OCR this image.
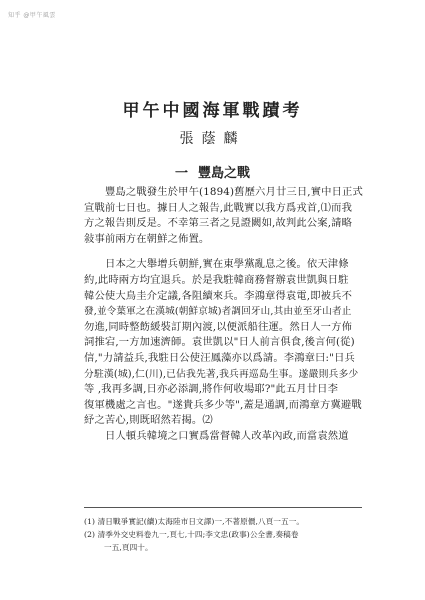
知乎 @甲午風雲
甲午中國海軍戰蹟考
張蔭麟
一 豐島之戰
豐島之戰發生於甲午(1894)舊歷六月廿三日,實中日正式
宣戰前七日也。據日人之報告,此戰實以我方爲戎首,⑴而我
方之報告則反是。不幸第三者之見證闕如,故判此公案,請略
敍事前兩方在朝鮮之佈置。
日本之大舉增兵朝鮮,實在東學黨亂息之後。依天津條
約,此時兩方均宜退兵。於是我駐韓商務督辦袁世凱與日駐
韓公使大鳥圭介定議,各阻續來兵。李鴻章得袁電,即被兵不
發,並令葉軍之在漢城(朝鮮京城)者調回牙山,其由並至牙山者止
勿進,同時整飭緩裝訂期內渡,以便派船往運。然日人一方佈
詞推宕,一方加速濟師。袁世凱以"日人前言俱食,後言何(從)
信,"力請益兵,我駐日公使汪鳳藻亦以爲請。李鴻章曰:"日兵
分駐漢(城),仁(川),已佔我先著,我兵再巡島生事。遂嚴則兵多少
等 ,我再多調,日亦必添調,將作何收場耶?"此五月廿日李
復軍機處之言也。"遂貴兵多少等",蓋是通調,而鴻章方冀避戰
紓之苦心,則既昭然若揭。⑵
日人頓兵韓境之口實爲當督韓人改革內政,而當袁然道
(1) 清日戰爭實記(續)太海陸市日文譯)一,不著原價,八頁一五一。
(2) 清季外交史料卷九一,頁七,十四;李文忠(政事)公全書,奏稿卷
一五,頁四十。
